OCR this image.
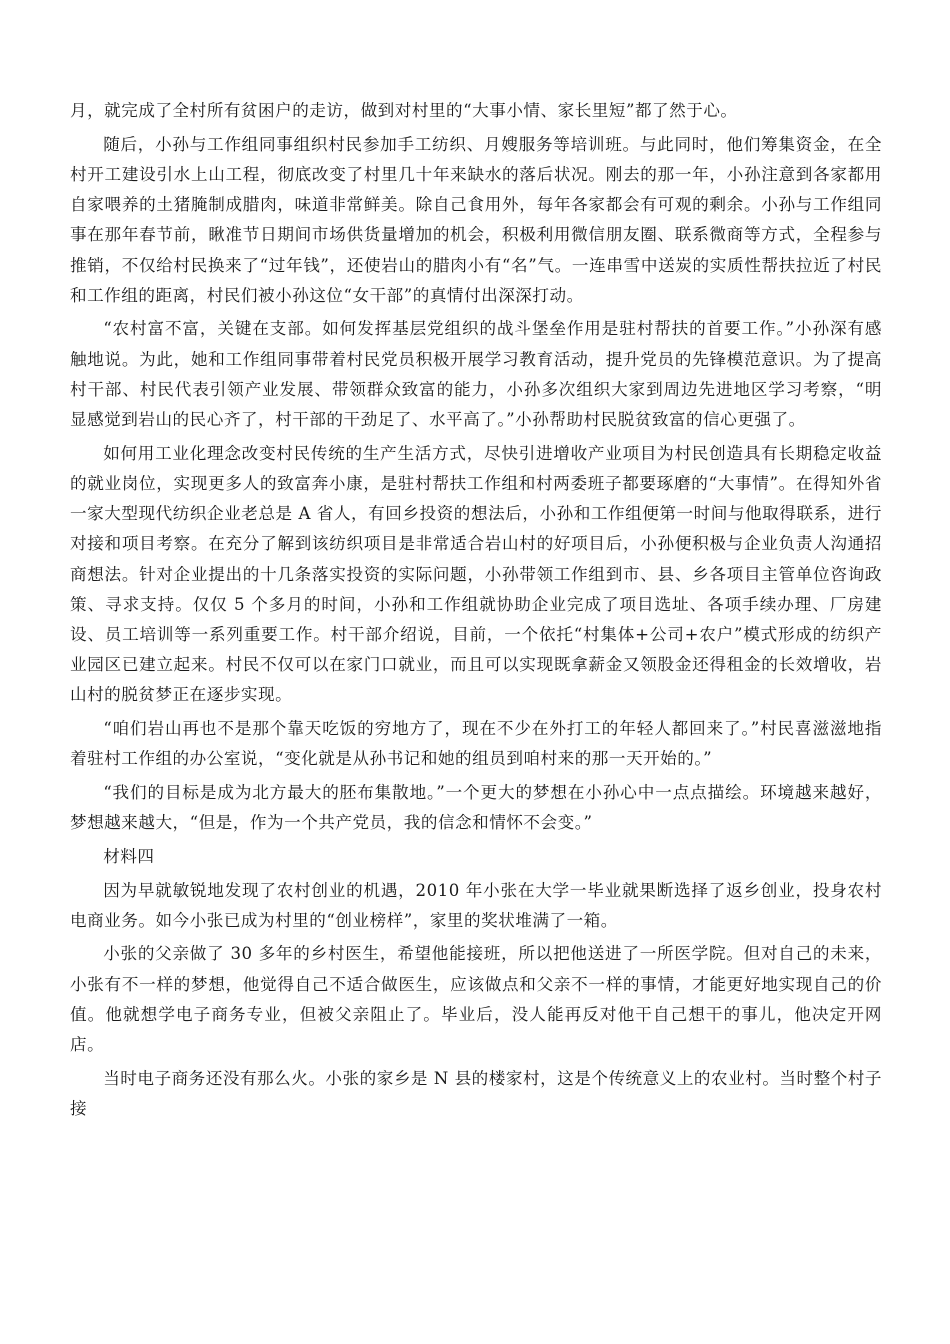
月，就完成了全村所有贫困户的走访，做到对村里的“大事小情、家长里短”都了然于心。

随后，小孙与工作组同事组织村民参加手工纺织、月嫂服务等培训班。与此同时，他们筹集资金，在全村开工建设引水上山工程，彻底改变了村里几十年来缺水的落后状况。刚去的那一年，小孙注意到各家都用自家喂养的土猪腌制成腊肉，味道非常鲜美。除自己食用外，每年各家都会有可观的剩余。小孙与工作组同事在那年春节前，瞅准节日期间市场供货量增加的机会，积极利用微信朋友圈、联系微商等方式，全程参与推销，不仅给村民换来了“过年钱”，还使岩山的腊肉小有“名”气。一连串雪中送炭的实质性帮扶拉近了村民和工作组的距离，村民们被小孙这位“女干部”的真情付出深深打动。

“农村富不富，关键在支部。如何发挥基层党组织的战斗堡垒作用是驻村帮扶的首要工作。”小孙深有感触地说。为此，她和工作组同事带着村民党员积极开展学习教育活动，提升党员的先锋模范意识。为了提高村干部、村民代表引领产业发展、带领群众致富的能力，小孙多次组织大家到周边先进地区学习考察，“明显感觉到岩山的民心齐了，村干部的干劲足了、水平高了。”小孙帮助村民脱贫致富的信心更强了。

如何用工业化理念改变村民传统的生产生活方式，尽快引进增收产业项目为村民创造具有长期稳定收益的就业岗位，实现更多人的致富奔小康，是驻村帮扶工作组和村两委班子都要琢磨的“大事情”。在得知外省一家大型现代纺织企业老总是 A 省人，有回乡投资的想法后，小孙和工作组便第一时间与他取得联系，进行对接和项目考察。在充分了解到该纺织项目是非常适合岩山村的好项目后，小孙便积极与企业负责人沟通招商想法。针对企业提出的十几条落实投资的实际问题，小孙带领工作组到市、县、乡各项目主管单位咨询政策、寻求支持。仅仅 5 个多月的时间，小孙和工作组就协助企业完成了项目选址、各项手续办理、厂房建设、员工培训等一系列重要工作。村干部介绍说，目前，一个依托“村集体+公司+农户”模式形成的纺织产业园区已建立起来。村民不仅可以在家门口就业，而且可以实现既拿薪金又领股金还得租金的长效增收，岩山村的脱贫梦正在逐步实现。

“咱们岩山再也不是那个靠天吃饭的穷地方了，现在不少在外打工的年轻人都回来了。”村民喜滋滋地指着驻村工作组的办公室说，“变化就是从孙书记和她的组员到咱村来的那一天开始的。”

“我们的目标是成为北方最大的胚布集散地。”一个更大的梦想在小孙心中一点点描绘。环境越来越好，梦想越来越大，“但是，作为一个共产党员，我的信念和情怀不会变。”

材料四

因为早就敏锐地发现了农村创业的机遇，2010 年小张在大学一毕业就果断选择了返乡创业，投身农村电商业务。如今小张已成为村里的“创业榜样”，家里的奖状堆满了一箱。

小张的父亲做了 30 多年的乡村医生，希望他能接班，所以把他送进了一所医学院。但对自己的未来，小张有不一样的梦想，他觉得自己不适合做医生，应该做点和父亲不一样的事情，才能更好地实现自己的价值。他就想学电子商务专业，但被父亲阻止了。毕业后，没人能再反对他干自己想干的事儿，他决定开网店。

当时电子商务还没有那么火。小张的家乡是 N 县的楼家村，这是个传统意义上的农业村。当时整个村子接
